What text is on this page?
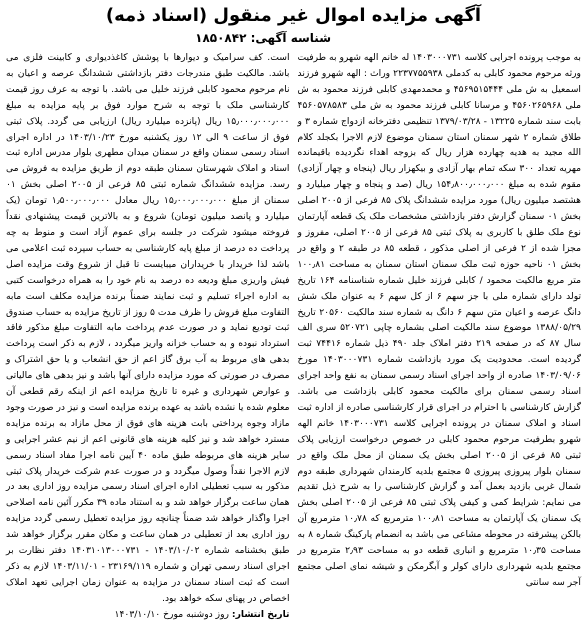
آگهی مزایده اموال غیر منقول (اسناد ذمه)
شناسه آگهی: ۱۸۵۰۸۴۲

به موجب پرونده اجرایی کلاسه ۱۴۰۳۰۰۰۷۳۱ له خانم الهه شهرو به طرفیت ورثه مرحوم محمود کابلی به کدملی ۲۲۳۷۷۵۵۹۳۸ وراث : الهه شهرو فرزند اسمعیل به ش ملی ۴۵۶۹۵۱۵۴۴۴ و محمدمهدی کابلی فرزند محمود به ش ملی ۴۵۶۰۲۶۵۹۶۸ و مرسانا کابلی فرزند محمود به ش ملی ۴۵۶۰۵۷۸۵۸۳ بابت سند شماره ۱۳۲۲۵ - ۱۳۷۹/۰۳/۲۸ تنظیمی دفترخانه ازدواج شماره ۳ و طلاق شماره ۲ شهر سمنان استان سمنان موضوع لازم الاجرا بکجلد کلام الله مجید به هدیه چهارده هزار ریال که بزوجه اهداء نگردیده باقیمانده مهریه تعداد ۳۰۰ سکه تمام بهار آزادی و بیکهزار ریال (پنجاه و چهار آزادی) مقوم شده به مبلغ ۱۵۴٫۸۰۰٫۰۰۰٫۰۰۰ ریال (صد و پنجاه و چهار میلیارد و هشتصد میلیون ریال) مورد مزایده ششدانگ پلاک ۸۵ فرعی از ۲۰۰۵ اصلی بخش ۰۱ سمنان گزارش دفتر بازداشتی مشخصات ملک یک قطعه آپارتمان نوع ملک طلق با کاربری به پلاک ثبتی ۸۵ فرعی از ۲۰۰۵ اصلی، مفروز و مجزا شده از ۲ فرعی از اصلی مذکور ، قطعه ۸۵ در طبقه ۲ و واقع در بخش ۰۱ ناحیه حوزه ثبت ملک سمنان استان سمنان به مساحت ۱۰۰٫۸۱ متر مربع مالکیت محمود / کابلی فرزند خلیل شماره شناسنامه ۱۶۴ تاریخ تولد دارای شماره ملی با جز سهم ۶ از کل سهم ۶ به عنوان ملک شش دانگ عرصه و اعیان متن سهم ۶ دانگ به شماره سند مالکیت ۲۰۵۶۰ تاریخ ۱۳۸۸/۰۵/۲۹ موضوع سند مالکیت اصلی بشماره چاپی ۵۲۰۷۲۱ سری الف سال ۸۷ که در صفحه ۲۱۹ دفتر املاک جلد ۴۹۰ ذیل شماره ۷۴۴۱۶ ثبت گردیده است. محدودیت یک مورد بازداشت شماره ۱۴۰۳۰۰۰۷۳۱ مورخ ۱۴۰۳/۰۹/۰۶ صادره از واحد اجرای اسناد رسمی سمنان به نفع واحد اجرای اسناد رسمی سمنان برای مالکیت محمود کابلی بازداشت می باشد. گزارش کارشناسی با احترام در اجرای قرار کارشناسی صادره از اداره ثبت اسناد و املاک سمنان در پرونده اجرایی کلاسه ۱۴۰۳۰۰۰۷۳۱ خانم الهه شهرو بطرفیت مرحوم محمود کابلی در خصوص درخواست ارزیابی پلاک ثبتی ۸۵ فرعی از ۲۰۰۵ اصلی بخش یک سمنان از محل ملک واقع در سمنان بلوار پیروزی پیروزی ۵ مجتمع بلدیه کارمندان شهرداری طبقه دوم شمال غربی بازدید بعمل آمد و گزارش کارشناسی را به شرح ذیل تقدیم می نمایم: شرایط کمی و کیفی پلاک ثبتی ۸۵ فرعی از ۲۰۰۵ اصلی بخش یک سمنان یک آپارتمان به مساحت ۱۰۰٫۸۱ مترمربع که ۱۰٫۷۸ مترمربع آن بالکن پیشرفته در محوطه مشاعی می باشد به انضمام پارکینگ شماره ۸ به مساحت ۱۰٫۳۵ مترمربع و انباری قطعه دو به مساحت ۲٫۹۳ مترمربع در مجتمع بلدیه شهرداری دارای کولر و آبگرمکن و شیشه نمای اصلی مجتمع آجر سه سانتی

است. کف سرامیک و دیوارها با پوشش کاغذدیواری و کابینت فلزی می باشد. مالکیت طبق مندرجات دفتر بازداشتی ششدانگ عرصه و اعیان به نام مرحوم محمود کابلی فرزند خلیل می باشد. با توجه به عرف روز قیمت کارشناسی ملک با توجه به شرح موارد فوق بر پایه مزایده به مبلغ ۱۵٫۰۰۰٫۰۰۰٫۰۰۰ ریال (پانزده میلیارد ریال) ارزیابی می گردد. پلاک ثبتی فوق از ساعت ۹ الی ۱۲ روز یکشنبه مورخ ۱۴۰۳/۱۰/۲۳ در اداره اجرای اسناد رسمی سمنان واقع در سمنان میدان مطهری بلوار مدرس اداره ثبت اسناد و املاک شهرستان سمنان طبقه دوم از طریق مزایده به فروش می رسد. مزایده ششدانگ شماره ثبتی ۸۵ فرعی از ۲۰۰۵ اصلی بخش ۰۱ سمنان از مبلغ ۱۵٫۰۰۰٫۰۰۰٫۰۰۰ ریال معادل ۱٫۵۰۰٫۰۰۰٫۰۰۰ تومان (یک میلیارد و پانصد میلیون تومان) شروع و به بالاترین قیمت پیشنهادی نقداً فروخته میشود شرکت در جلسه برای عموم آزاد است و منوط به چه پرداخت ده درصد از مبلغ پایه کارشناسی به حساب سپرده ثبت اعلامی می باشد لذا خریدار با خریداران میبایست تا قبل از شروع وقت مزایده اصل فیش واریزی مبلغ ودیعه ده درصد به نام خود را به همراه درخواست کتبی به اداره اجراء تسلیم و ثبت نمایند ضمناً برنده مزایده مکلف است مابه التفاوت مبلغ فروش را ظرف مدت ۵ روز از تاریخ مزایده به حساب صندوق ثبت تودیع نماید و در صورت عدم پرداخت مابه التفاوت مبلغ مذکور فاقد استرداد نبوده و به حساب خزانه واریز میگردد ، لازم به ذکر است پرداخت بدهی های مربوط به آب برق گاز اعم از حق انشعاب و یا حق اشتراک و مصرف در صورتی که مورد مزایده دارای آنها باشد و نیز بدهی های مالیاتی و عوارض شهرداری و غیره تا تاریخ مزایده اعم از اینکه رقم قطعی آن معلوم شده یا نشده باشد به عهده برنده مزایده است و نیز در صورت وجود مازاد وجوه پرداختی بابت هزینه های فوق از محل مازاد به برنده مزایده مسترد خواهد شد و نیز کلیه هزینه های قانونی اعم از نیم عشر اجرایی و سایر هزینه های مربوطه طبق ماده ۴۰ آیین نامه اجرا مفاد اسناد رسمی لازم الاجرا نقداً وصول میگردد و در صورت عدم شرکت خریدار پلاک ثبتی مذکور به سبب تعطیلی اداره اجرای اسناد رسمی مزایده روز اداری بعد در همان ساعت برگزار خواهد شد و به استناد ماده ۳۹ مکرر آئین نامه اصلاحی اجرا واگذار خواهد شد ضمناً چنانچه روز مزایده تعطیل رسمی گردد مزایده روز اداری بعد از تعطیلی در همان ساعت و مکان مقرر برگزار خواهد شد طبق بخشنامه شماره ۱۴۰۳/۱۰/۰۲ - ۱۴۰۳۱۰۱۳۰۰۰۷۳۱ دفتر نظارت بر اجرای اسناد رسمی تهران و شماره ۲۳۱۶۹/۱۱۹ - ۱۴۰۳/۱۱/۰۱ لازم به ذکر است که ثبت اسناد سمنان در مزایده به عنوان زمان اجرایی تعهد املاک اخصاص در پهنای سکه خواهد بود.

تاریخ انتشار: روز دوشنبه مورخ ۱۴۰۳/۱۰/۱۰
